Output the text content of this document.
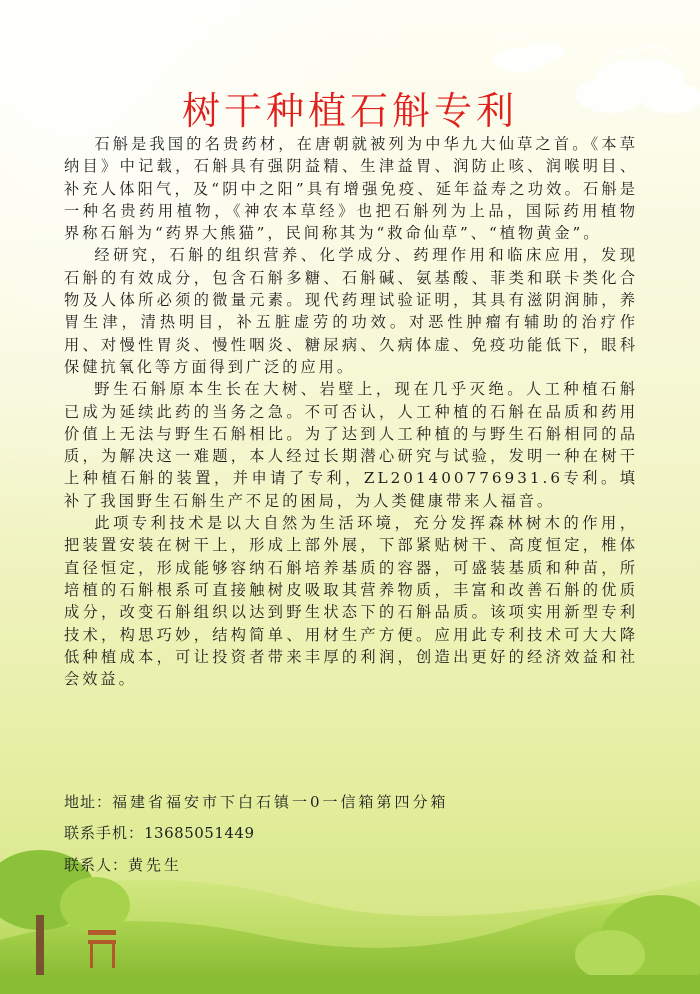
树干种植石斛专利

石斛是我国的名贵药材，在唐朝就被列为中华九大仙草之首。《本草纳目》中记载，石斛具有强阴益精、生津益胃、润防止咳、润喉明目、补充人体阳气，及“阴中之阳”具有增强免疫、延年益寿之功效。石斛是一种名贵药用植物，《神农本草经》也把石斛列为上品，国际药用植物界称石斛为“药界大熊猫”，民间称其为“救命仙草”、“植物黄金”。

经研究，石斛的组织营养、化学成分、药理作用和临床应用，发现石斛的有效成分，包含石斛多糖、石斛碱、氨基酸、菲类和联卡类化合物及人体所必须的微量元素。现代药理试验证明，其具有滋阴润肺，养胃生津，清热明目，补五脏虚劳的功效。对恶性肿瘤有辅助的治疗作用、对慢性胃炎、慢性咽炎、糖尿病、久病体虚、免疫功能低下，眼科保健抗氧化等方面得到广泛的应用。

野生石斛原本生长在大树、岩壁上，现在几乎灭绝。人工种植石斛已成为延续此药的当务之急。不可否认，人工种植的石斛在品质和药用价值上无法与野生石斛相比。为了达到人工种植的与野生石斛相同的品质，为解决这一难题，本人经过长期潜心研究与试验，发明一种在树干上种植石斛的装置，并申请了专利，ZL201400776931.6专利。填补了我国野生石斛生产不足的困局，为人类健康带来人福音。

此项专利技术是以大自然为生活环境，充分发挥森林树木的作用，把装置安装在树干上，形成上部外展，下部紧贴树干、高度恒定，椎体直径恒定，形成能够容纳石斛培养基质的容器，可盛装基质和种苗，所培植的石斛根系可直接触树皮吸取其营养物质，丰富和改善石斛的优质成分，改变石斛组织以达到野生状态下的石斛品质。该项实用新型专利技术，构思巧妙，结构简单、用材生产方便。应用此专利技术可大大降低种植成本，可让投资者带来丰厚的利润，创造出更好的经济效益和社会效益。

地址：福建省福安市下白石镇一0一信箱第四分箱
联系手机：13685051449
联系人：黄先生
